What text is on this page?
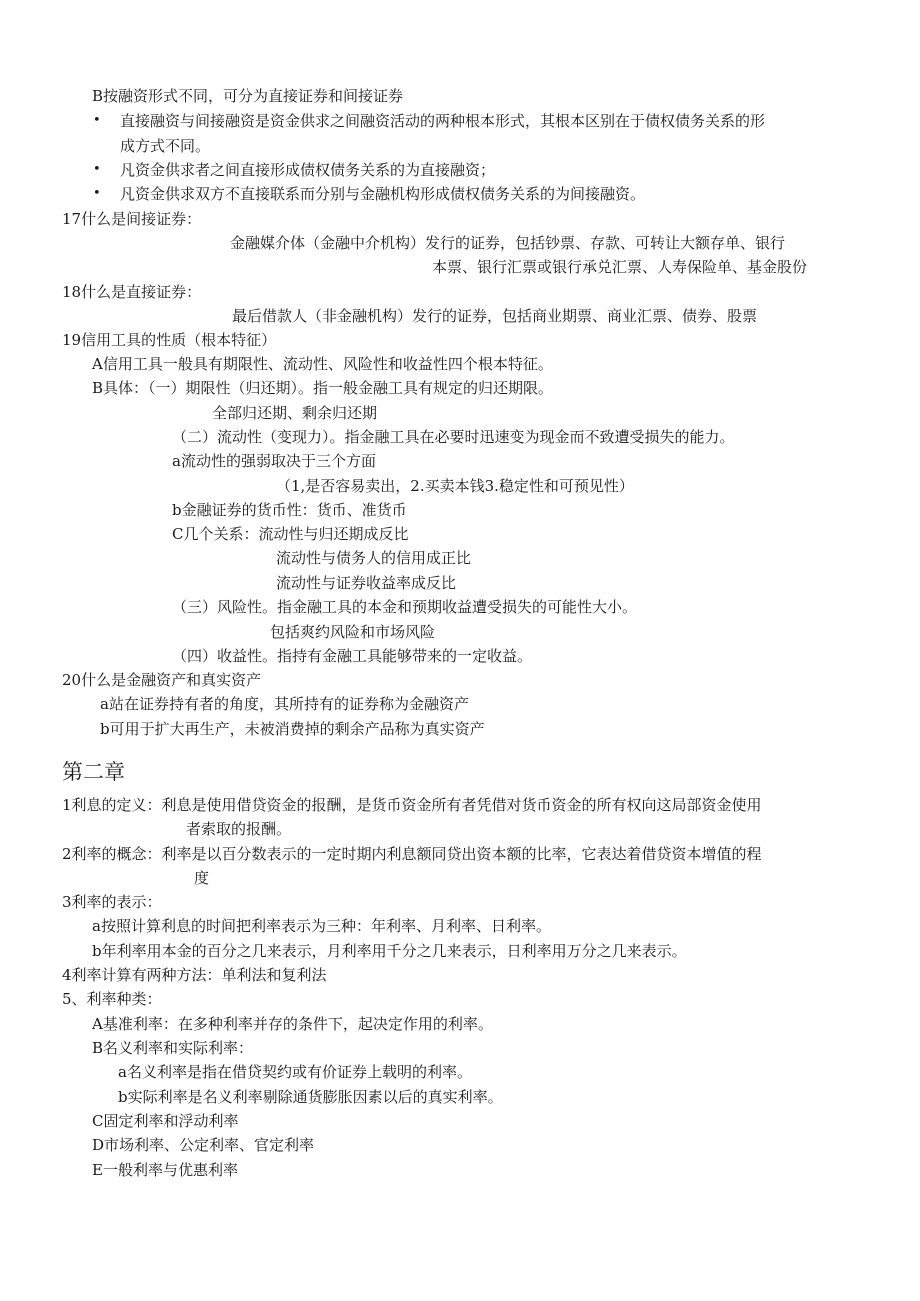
B按融资形式不同，可分为直接证券和间接证券
• 直接融资与间接融资是资金供求之间融资活动的两种根本形式，其根本区别在于债权债务关系的形
成方式不同。
• 凡资金供求者之间直接形成债权债务关系的为直接融资；
• 凡资金供求双方不直接联系而分别与金融机构形成债权债务关系的为间接融资。
17什么是间接证券：
金融媒介体（金融中介机构）发行的证券，包括钞票、存款、可转让大额存单、银行
本票、银行汇票或银行承兑汇票、人寿保险单、基金股份
18什么是直接证券：
最后借款人（非金融机构）发行的证券，包括商业期票、商业汇票、债券、股票
19信用工具的性质（根本特征）
A信用工具一般具有期限性、流动性、风险性和收益性四个根本特征。
B具体：（一）期限性（归还期）。指一般金融工具有规定的归还期限。
全部归还期、剩余归还期
（二）流动性（变现力）。指金融工具在必要时迅速变为现金而不致遭受损失的能力。
a流动性的强弱取决于三个方面
（1,是否容易卖出，2.买卖本钱3.稳定性和可预见性）
b金融证券的货币性：货币、准货币
C几个关系：流动性与归还期成反比
流动性与债务人的信用成正比
流动性与证券收益率成反比
（三）风险性。指金融工具的本金和预期收益遭受损失的可能性大小。
包括爽约风险和市场风险
（四）收益性。指持有金融工具能够带来的一定收益。
20什么是金融资产和真实资产
a站在证券持有者的角度，其所持有的证券称为金融资产
b可用于扩大再生产，未被消费掉的剩余产品称为真实资产
第二章
1利息的定义：利息是使用借贷资金的报酬，是货币资金所有者凭借对货币资金的所有权向这局部资金使用
者索取的报酬。
2利率的概念：利率是以百分数表示的一定时期内利息额同贷出资本额的比率，它表达着借贷资本增值的程
度
3利率的表示：
a按照计算利息的时间把利率表示为三种：年利率、月利率、日利率。
b年利率用本金的百分之几来表示，月利率用千分之几来表示，日利率用万分之几来表示。
4利率计算有两种方法：单利法和复利法
5、利率种类：
A基准利率：在多种利率并存的条件下，起决定作用的利率。
B名义利率和实际利率：
a名义利率是指在借贷契约或有价证券上载明的利率。
b实际利率是名义利率剔除通货膨胀因素以后的真实利率。
C固定利率和浮动利率
D市场利率、公定利率、官定利率
E一般利率与优惠利率
